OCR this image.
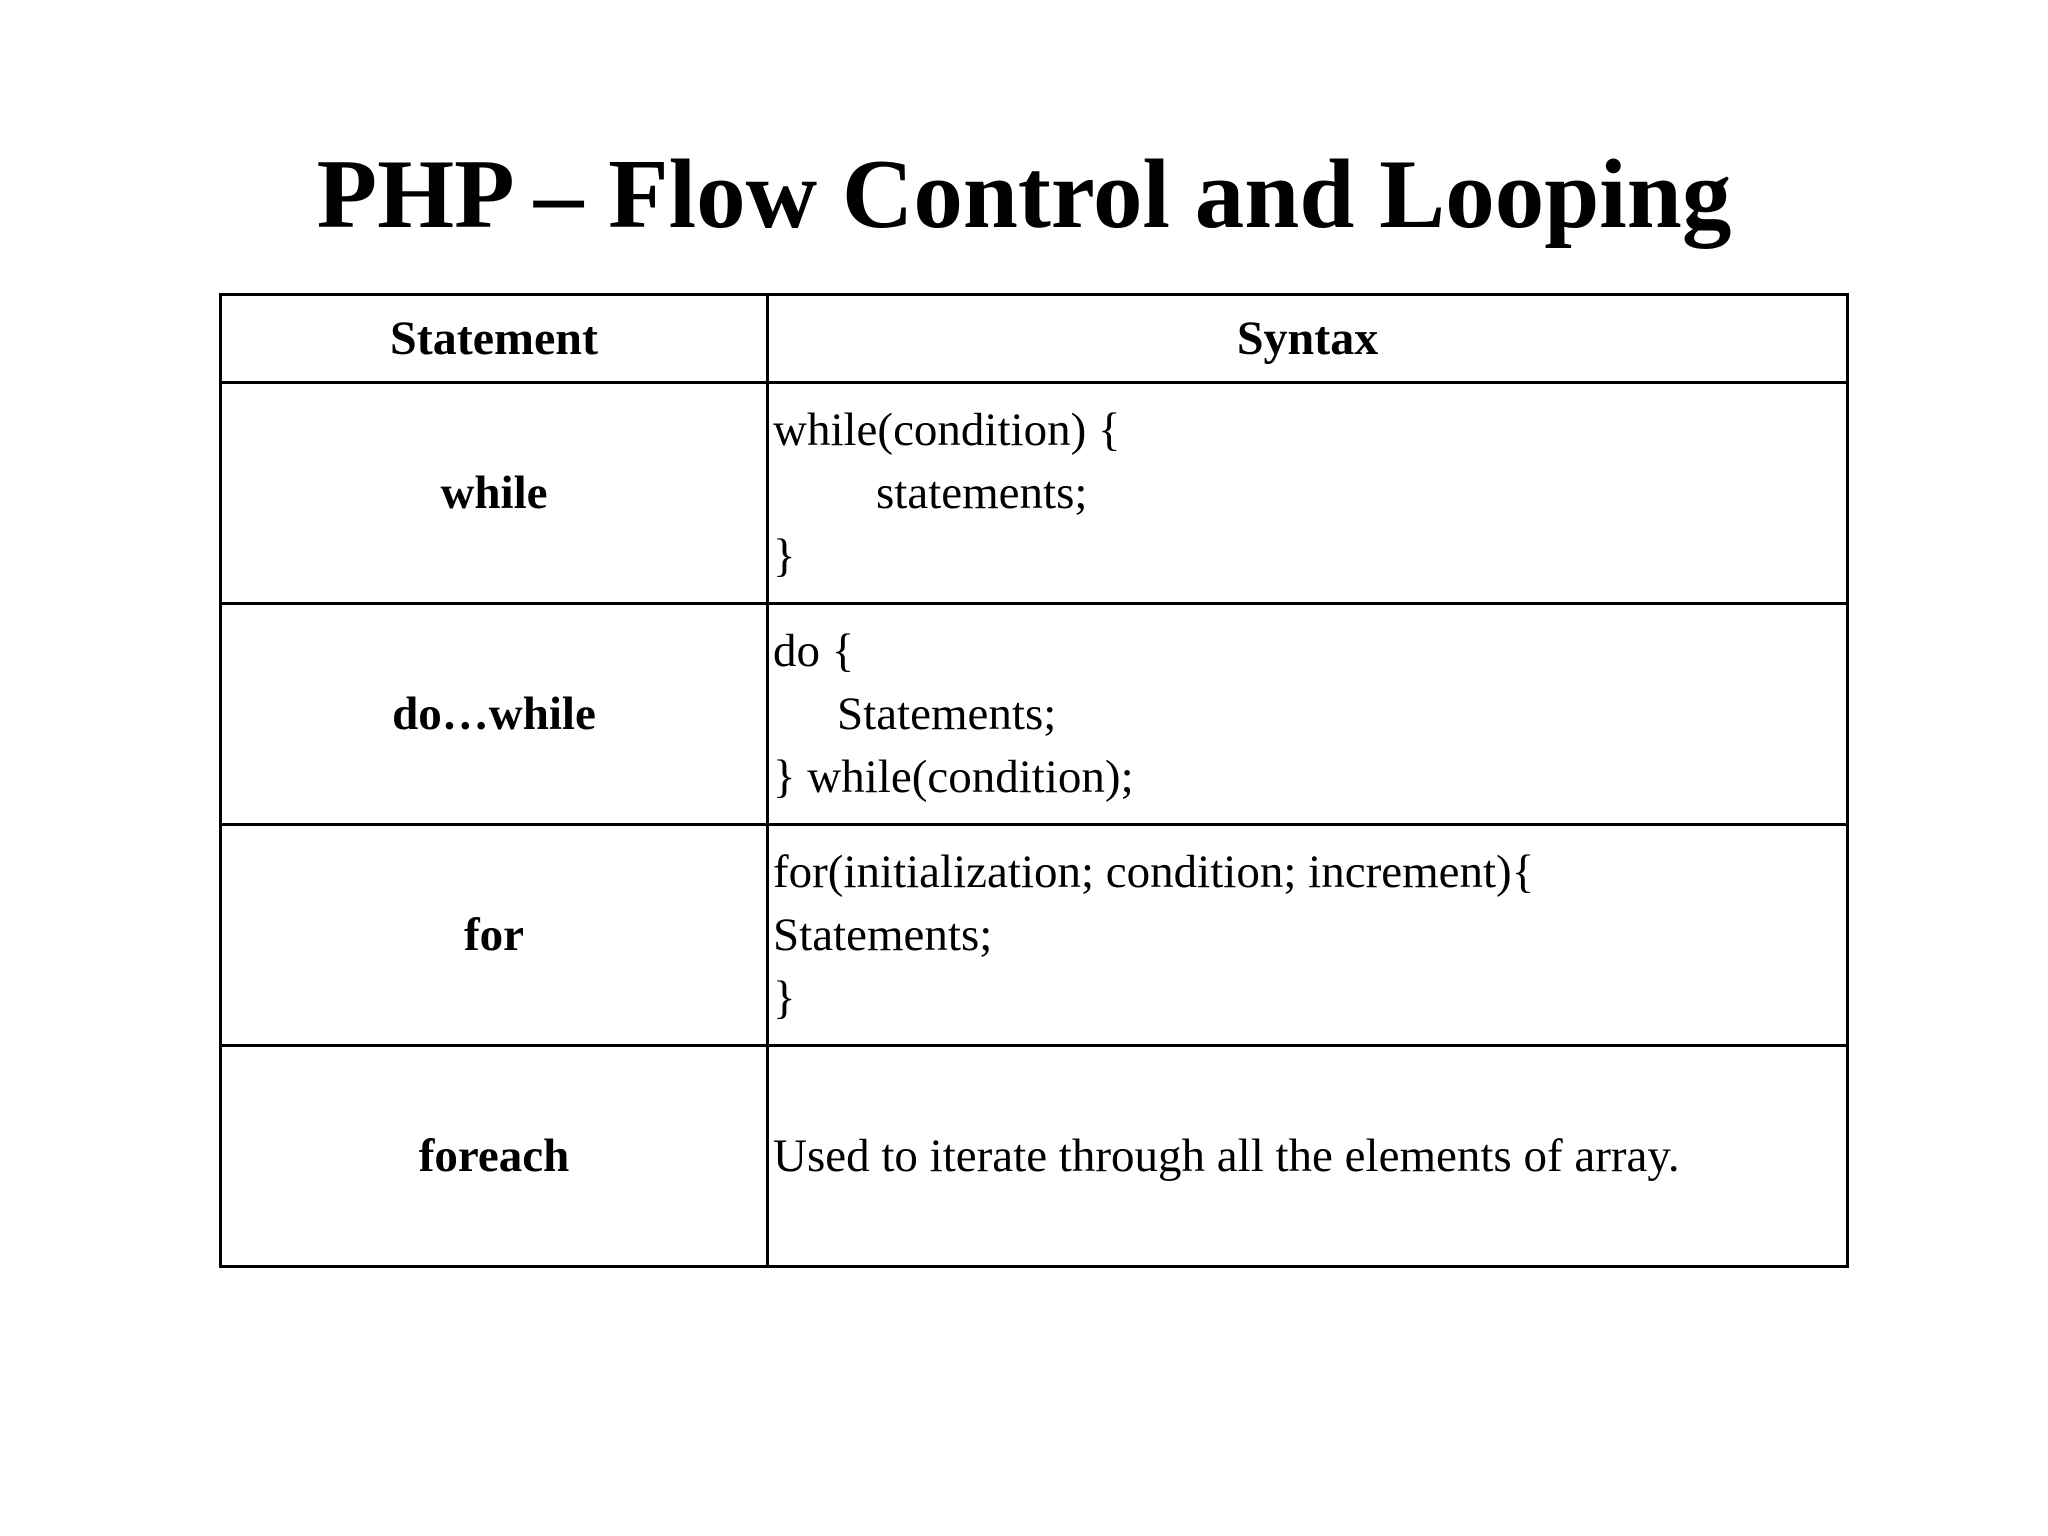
PHP – Flow Control and Looping
Statement	Syntax
while	while(condition) {
statements;
}

do…while	do {
Statements;
} while(condition);

for	for(initialization; condition; increment){
Statements;
}

foreach	Used to iterate through all the elements of array.
